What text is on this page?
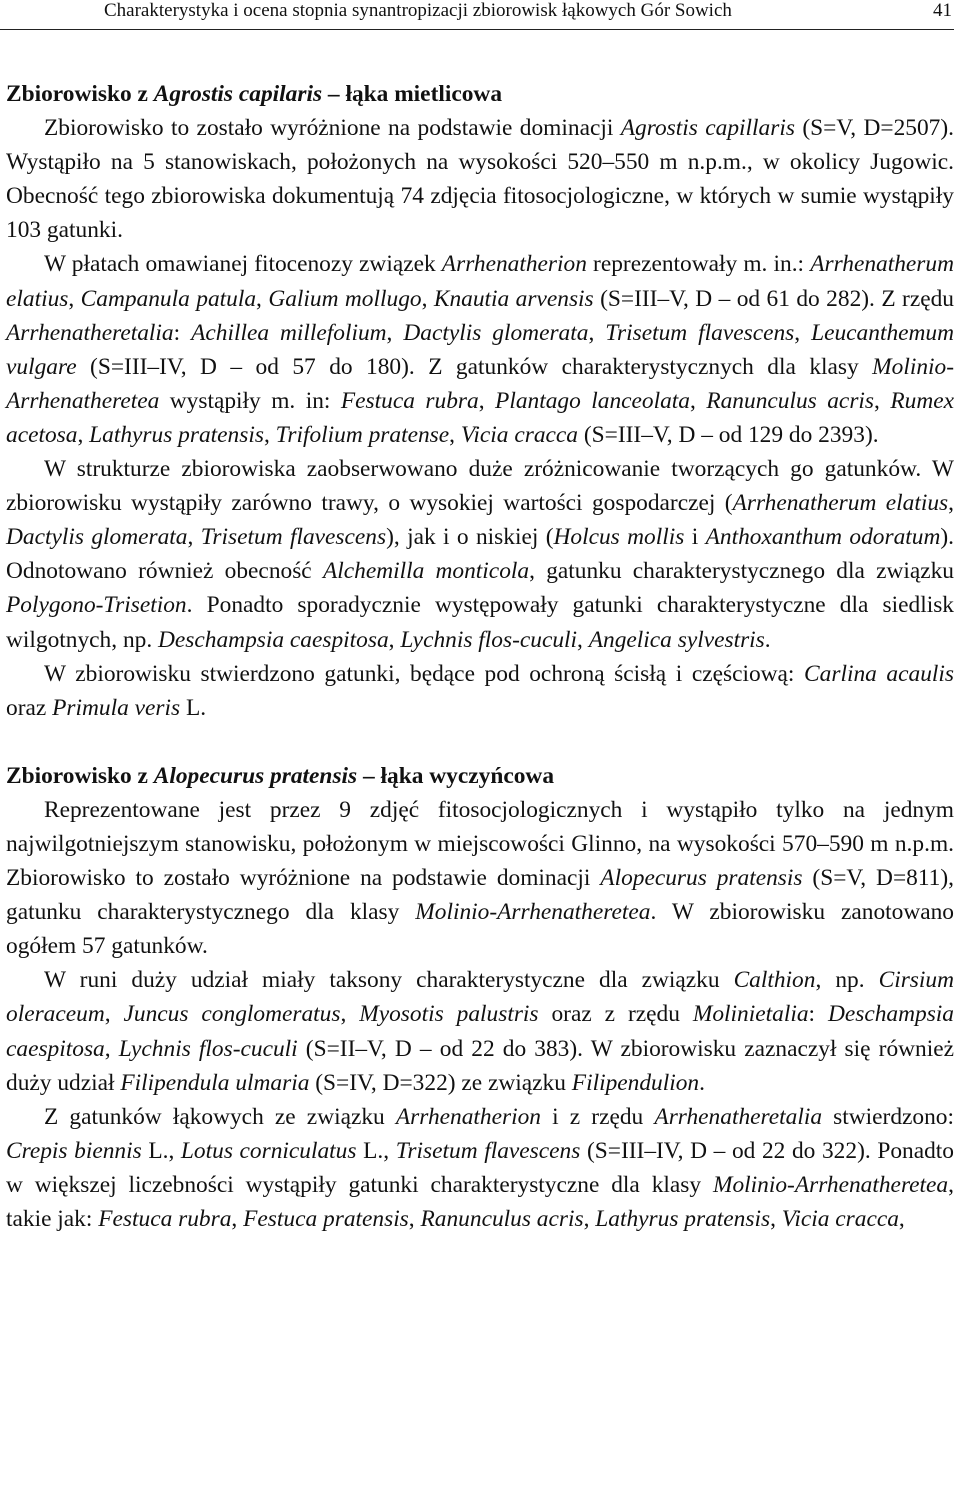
Charakterystyka i ocena stopnia synantropizacji zbiorowisk łąkowych Gór Sowich	41
Zbiorowisko z Agrostis capilaris – łąka mietlicowa

Zbiorowisko to zostało wyróżnione na podstawie dominacji Agrostis capillaris (S=V, D=2507). Wystąpiło na 5 stanowiskach, położonych na wysokości 520–550 m n.p.m., w okolicy Jugowic. Obecność tego zbiorowiska dokumentują 74 zdjęcia fitosocjologiczne, w których w sumie wystąpiły 103 gatunki.

W płatach omawianej fitocenozy związek Arrhenatherion reprezentowały m. in.: Arrhenatherum elatius, Campanula patula, Galium mollugo, Knautia arvensis (S=III–V, D – od 61 do 282). Z rzędu Arrhenatheretalia: Achillea millefolium, Dactylis glomerata, Trisetum flavescens, Leucanthemum vulgare (S=III–IV, D – od 57 do 180). Z gatunków charakterystycznych dla klasy Molinio-Arrhenatheretea wystąpiły m. in: Festuca rubra, Plantago lanceolata, Ranunculus acris, Rumex acetosa, Lathyrus pratensis, Trifolium pratense, Vicia cracca (S=III–V, D – od 129 do 2393).

W strukturze zbiorowiska zaobserwowano duże zróżnicowanie tworzących go gatunków. W zbiorowisku wystąpiły zarówno trawy, o wysokiej wartości gospodarczej (Arrhenatherum elatius, Dactylis glomerata, Trisetum flavescens), jak i o niskiej (Holcus mollis i Anthoxanthum odoratum). Odnotowano również obecność Alchemilla monticola, gatunku charakterystycznego dla związku Polygono-Trisetion. Ponadto sporadycznie występowały gatunki charakterystyczne dla siedlisk wilgotnych, np. Deschampsia caespitosa, Lychnis flos-cuculi, Angelica sylvestris.

W zbiorowisku stwierdzono gatunki, będące pod ochroną ścisłą i częściową: Carlina acaulis oraz Primula veris L.

Zbiorowisko z Alopecurus pratensis – łąka wyczyńcowa

Reprezentowane jest przez 9 zdjęć fitosocjologicznych i wystąpiło tylko na jednym najwilgotniejszym stanowisku, położonym w miejscowości Glinno, na wysokości 570–590 m n.p.m. Zbiorowisko to zostało wyróżnione na podstawie dominacji Alopecurus pratensis (S=V, D=811), gatunku charakterystycznego dla klasy Molinio-Arrhenatheretea. W zbiorowisku zanotowano ogółem 57 gatunków.

W runi duży udział miały taksony charakterystyczne dla związku Calthion, np. Cirsium oleraceum, Juncus conglomeratus, Myosotis palustris oraz z rzędu Molinietalia: Deschampsia caespitosa, Lychnis flos-cuculi (S=II–V, D – od 22 do 383). W zbiorowisku zaznaczył się również duży udział Filipendula ulmaria (S=IV, D=322) ze związku Filipendulion.

Z gatunków łąkowych ze związku Arrhenatherion i z rzędu Arrhenatheretalia stwierdzono: Crepis biennis L., Lotus corniculatus L., Trisetum flavescens (S=III–IV, D – od 22 do 322). Ponadto w większej liczebności wystąpiły gatunki charakterystyczne dla klasy Molinio-Arrhenatheretea, takie jak: Festuca rubra, Festuca pratensis, Ranunculus acris, Lathyrus pratensis, Vicia cracca,
